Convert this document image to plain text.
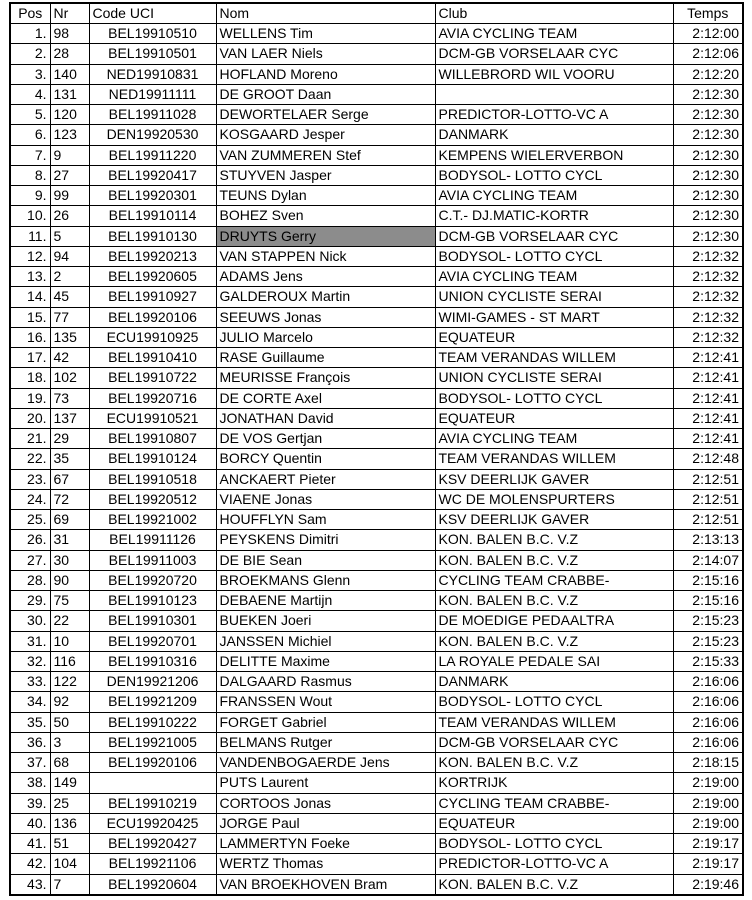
Pos	Nr	Code UCI	Nom	Club	Temps
1.	98	BEL19910510	WELLENS Tim	AVIA CYCLING TEAM	2:12:00
2.	28	BEL19910501	VAN LAER Niels	DCM-GB VORSELAAR CYC	2:12:06
3.	140	NED19910831	HOFLAND Moreno	WILLEBRORD WIL VOORU	2:12:20
4.	131	NED19911111	DE GROOT Daan		2:12:30
5.	120	BEL19911028	DEWORTELAER Serge	PREDICTOR-LOTTO-VC A	2:12:30
6.	123	DEN19920530	KOSGAARD Jesper	DANMARK	2:12:30
7.	9	BEL19911220	VAN ZUMMEREN Stef	KEMPENS WIELERVERBON	2:12:30
8.	27	BEL19920417	STUYVEN Jasper	BODYSOL- LOTTO CYCL	2:12:30
9.	99	BEL19920301	TEUNS Dylan	AVIA CYCLING TEAM	2:12:30
10.	26	BEL19910114	BOHEZ Sven	C.T.- DJ.MATIC-KORTR	2:12:30
11.	5	BEL19910130	DRUYTS Gerry	DCM-GB VORSELAAR CYC	2:12:30
12.	94	BEL19920213	VAN STAPPEN Nick	BODYSOL- LOTTO CYCL	2:12:32
13.	2	BEL19920605	ADAMS Jens	AVIA CYCLING TEAM	2:12:32
14.	45	BEL19910927	GALDEROUX Martin	UNION CYCLISTE SERAI	2:12:32
15.	77	BEL19920106	SEEUWS Jonas	WIMI-GAMES - ST MART	2:12:32
16.	135	ECU19910925	JULIO Marcelo	EQUATEUR	2:12:32
17.	42	BEL19910410	RASE Guillaume	TEAM VERANDAS WILLEM	2:12:41
18.	102	BEL19910722	MEURISSE François	UNION CYCLISTE SERAI	2:12:41
19.	73	BEL19920716	DE CORTE Axel	BODYSOL- LOTTO CYCL	2:12:41
20.	137	ECU19910521	JONATHAN David	EQUATEUR	2:12:41
21.	29	BEL19910807	DE VOS Gertjan	AVIA CYCLING TEAM	2:12:41
22.	35	BEL19910124	BORCY Quentin	TEAM VERANDAS WILLEM	2:12:48
23.	67	BEL19910518	ANCKAERT Pieter	KSV DEERLIJK GAVER	2:12:51
24.	72	BEL19920512	VIAENE Jonas	WC DE MOLENSPURTERS	2:12:51
25.	69	BEL19921002	HOUFFLYN Sam	KSV DEERLIJK GAVER	2:12:51
26.	31	BEL19911126	PEYSKENS Dimitri	KON. BALEN B.C. V.Z	2:13:13
27.	30	BEL19911003	DE BIE Sean	KON. BALEN B.C. V.Z	2:14:07
28.	90	BEL19920720	BROEKMANS Glenn	CYCLING TEAM CRABBE-	2:15:16
29.	75	BEL19910123	DEBAENE Martijn	KON. BALEN B.C. V.Z	2:15:16
30.	22	BEL19910301	BUEKEN Joeri	DE MOEDIGE PEDAALTRA	2:15:23
31.	10	BEL19920701	JANSSEN Michiel	KON. BALEN B.C. V.Z	2:15:23
32.	116	BEL19910316	DELITTE Maxime	LA ROYALE PEDALE SAI	2:15:33
33.	122	DEN19921206	DALGAARD Rasmus	DANMARK	2:16:06
34.	92	BEL19921209	FRANSSEN Wout	BODYSOL- LOTTO CYCL	2:16:06
35.	50	BEL19910222	FORGET Gabriel	TEAM VERANDAS WILLEM	2:16:06
36.	3	BEL19921005	BELMANS Rutger	DCM-GB VORSELAAR CYC	2:16:06
37.	68	BEL19920106	VANDENBOGAERDE Jens	KON. BALEN B.C. V.Z	2:18:15
38.	149		PUTS Laurent	KORTRIJK	2:19:00
39.	25	BEL19910219	CORTOOS Jonas	CYCLING TEAM CRABBE-	2:19:00
40.	136	ECU19920425	JORGE Paul	EQUATEUR	2:19:00
41.	51	BEL19920427	LAMMERTYN Foeke	BODYSOL- LOTTO CYCL	2:19:17
42.	104	BEL19921106	WERTZ Thomas	PREDICTOR-LOTTO-VC A	2:19:17
43.	7	BEL19920604	VAN BROEKHOVEN Bram	KON. BALEN B.C. V.Z	2:19:46
